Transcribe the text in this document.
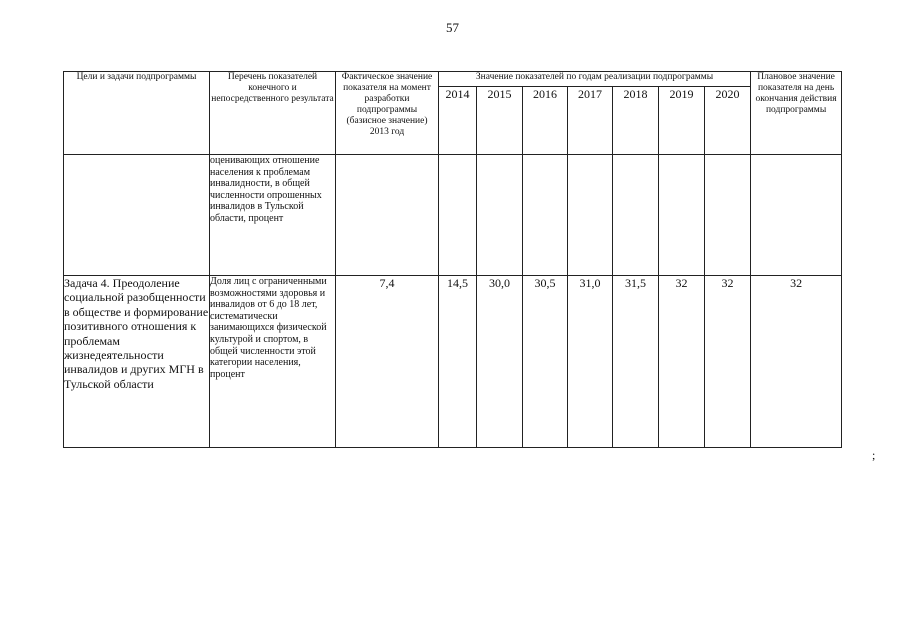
57
Цели и задачи подпрограммы	Перечень показателей конечного и непосредственного результата	Фактическое значение показателя на момент разработки подпрограммы (базисное значение) 2013 год	Значение показателей по годам реализации подпрограммы							Плановое значение показателя на день окончания действия подпрограммы
			2014	2015	2016	2017	2018	2019	2020	
	оценивающих отношение населения к проблемам инвалидности, в общей численности опрошенных инвалидов в Тульской области, процент									
Задача 4. Преодоление социальной разобщенности в обществе и формирование позитивного отношения к проблемам жизнедеятельности инвалидов и других МГН в Тульской области	Доля лиц с ограниченными возможностями здоровья и инвалидов от 6 до 18 лет, систематически занимающихся физической культурой и спортом, в общей численности этой категории населения, процент	7,4	14,5	30,0	30,5	31,0	31,5	32	32	32
;
